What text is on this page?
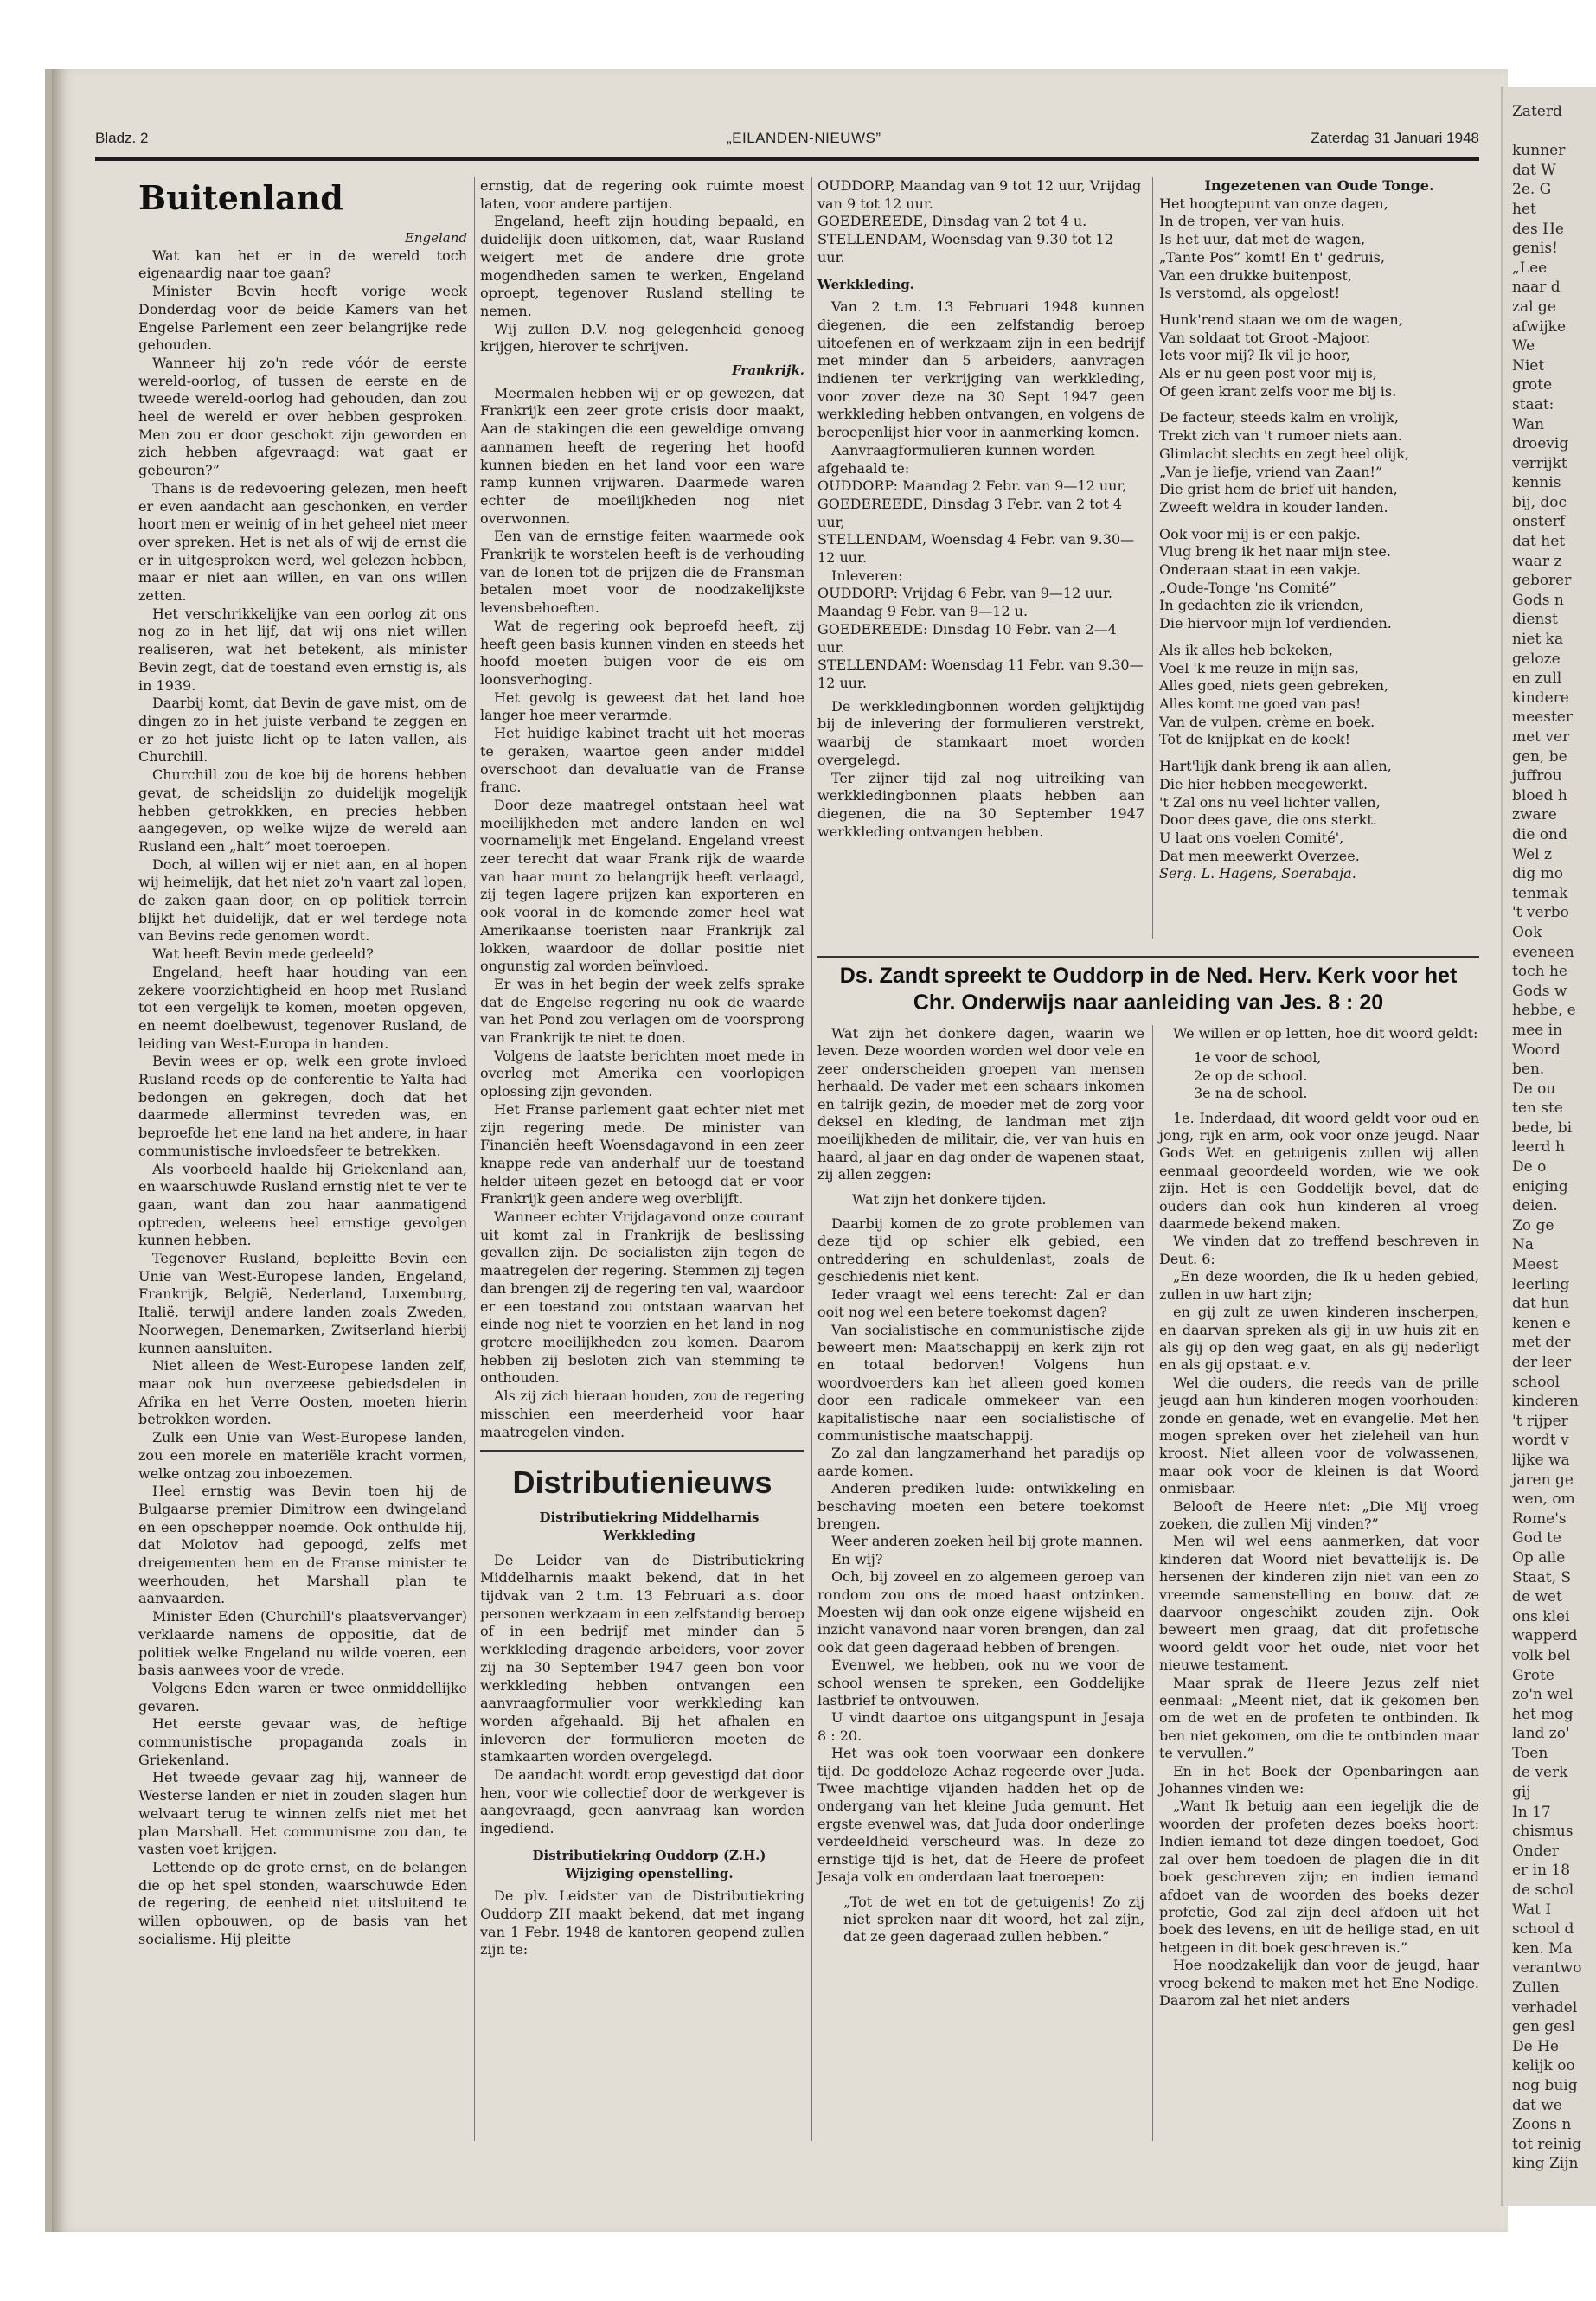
Zaterd

kunner
dat W
2e. G
het
des He
genis!
„Lee
naar d
zal ge
afwijke
We
Niet
grote
staat:
Wan
droevig
verrijkt
kennis
bij, doc
onsterf
dat het
waar z
geborer
Gods n
dienst
niet ka
geloze
en zull
kindere
meester
met ver
gen, be
juffrou
bloed h
zware
die ond
Wel z
dig mo
tenmak
't verbo
Ook
eveneen
toch he
Gods w
hebbe, e
mee in
Woord
ben.
De ou
ten ste
bede, bi
leerd h
De o
eniging
deien.
Zo ge
Na
Meest
leerling
dat hun
kenen e
met der
der leer
school
kinderen
't rijper
wordt v
lijke wa
jaren ge
wen, om
Rome's
God te
Op alle
Staat, S
de wet
ons klei
wapperd
volk bel
Grote
zo'n wel
het mog
land zo'
Toen
de verk
gij
In 17
chismus
Onder
er in 18
de schol
Wat I
school d
ken. Ma
verantwo
Zullen
verhadel
gen gesl
De He
kelijk oo
nog buig
dat we
Zoons n
tot reinig
king Zijn
Bladz. 2	„EILANDEN-NIEUWS”	Zaterdag 31 Januari 1948
Buitenland

Engeland

Wat kan het er in de wereld toch eigenaardig naar toe gaan?

Minister Bevin heeft vorige week Donderdag voor de beide Kamers van het Engelse Parlement een zeer belangrijke rede gehouden.

Wanneer hij zo'n rede vóór de eerste wereld-oorlog, of tussen de eerste en de tweede wereld-oorlog had gehouden, dan zou heel de wereld er over hebben gesproken. Men zou er door geschokt zijn geworden en zich hebben afgevraagd: wat gaat er gebeuren?”

Thans is de redevoering gelezen, men heeft er even aandacht aan geschonken, en verder hoort men er weinig of in het geheel niet meer over spreken. Het is net als of wij de ernst die er in uitgesproken werd, wel gelezen hebben, maar er niet aan willen, en van ons willen zetten.

Het verschrikkelijke van een oorlog zit ons nog zo in het lijf, dat wij ons niet willen realiseren, wat het betekent, als minister Bevin zegt, dat de toestand even ernstig is, als in 1939.

Daarbij komt, dat Bevin de gave mist, om de dingen zo in het juiste verband te zeggen en er zo het juiste licht op te laten vallen, als Churchill.

Churchill zou de koe bij de horens hebben gevat, de scheidslijn zo duidelijk mogelijk hebben getrokkken, en precies hebben aangegeven, op welke wijze de wereld aan Rusland een „halt” moet toeroepen.

Doch, al willen wij er niet aan, en al hopen wij heimelijk, dat het niet zo'n vaart zal lopen, de zaken gaan door, en op politiek terrein blijkt het duidelijk, dat er wel terdege nota van Bevins rede genomen wordt.

Wat heeft Bevin mede gedeeld?

Engeland, heeft haar houding van een zekere voorzichtigheid en hoop met Rusland tot een vergelijk te komen, moeten opgeven, en neemt doelbewust, tegenover Rusland, de leiding van West-Europa in handen.

Bevin wees er op, welk een grote invloed Rusland reeds op de conferentie te Yalta had bedongen en gekregen, doch dat het daarmede allerminst tevreden was, en beproefde het ene land na het andere, in haar communistische invloedsfeer te betrekken.

Als voorbeeld haalde hij Griekenland aan, en waarschuwde Rusland ernstig niet te ver te gaan, want dan zou haar aanmatigend optreden, weleens heel ernstige gevolgen kunnen hebben.

Tegenover Rusland, bepleitte Bevin een Unie van West-Europese landen, Engeland, Frankrijk, België, Nederland, Luxemburg, Italië, terwijl andere landen zoals Zweden, Noorwegen, Denemarken, Zwitserland hierbij kunnen aansluiten.

Niet alleen de West-Europese landen zelf, maar ook hun overzeese gebiedsdelen in Afrika en het Verre Oosten, moeten hierin betrokken worden.

Zulk een Unie van West-Europese landen, zou een morele en materiële kracht vormen, welke ontzag zou inboezemen.

Heel ernstig was Bevin toen hij de Bulgaarse premier Dimitrow een dwingeland en een opschepper noemde. Ook onthulde hij, dat Molotov had gepoogd, zelfs met dreigementen hem en de Franse minister te weerhouden, het Marshall plan te aanvaarden.

Minister Eden (Churchill's plaatsvervanger) verklaarde namens de oppositie, dat de politiek welke Engeland nu wilde voeren, een basis aanwees voor de vrede.

Volgens Eden waren er twee onmiddellijke gevaren.

Het eerste gevaar was, de heftige communistische propaganda zoals in Griekenland.

Het tweede gevaar zag hij, wanneer de Westerse landen er niet in zouden slagen hun welvaart terug te winnen zelfs niet met het plan Marshall. Het communisme zou dan, te vasten voet krijgen.

Lettende op de grote ernst, en de belangen die op het spel stonden, waarschuwde Eden de regering, de eenheid niet uitsluitend te willen opbouwen, op de basis van het socialisme. Hij pleitte

ernstig, dat de regering ook ruimte moest laten, voor andere partijen.

Engeland, heeft zijn houding bepaald, en duidelijk doen uitkomen, dat, waar Rusland weigert met de andere drie grote mogendheden samen te werken, Engeland oproept, tegenover Rusland stelling te nemen.

Wij zullen D.V. nog gelegenheid genoeg krijgen, hierover te schrijven.

Frankrijk.

Meermalen hebben wij er op gewezen, dat Frankrijk een zeer grote crisis door maakt, Aan de stakingen die een geweldige omvang aannamen heeft de regering het hoofd kunnen bieden en het land voor een ware ramp kunnen vrijwaren. Daarmede waren echter de moeilijkheden nog niet overwonnen.

Een van de ernstige feiten waarmede ook Frankrijk te worstelen heeft is de verhouding van de lonen tot de prijzen die de Fransman betalen moet voor de noodzakelijkste levensbehoeften.

Wat de regering ook beproefd heeft, zij heeft geen basis kunnen vinden en steeds het hoofd moeten buigen voor de eis om loonsverhoging.

Het gevolg is geweest dat het land hoe langer hoe meer verarmde.

Het huidige kabinet tracht uit het moeras te geraken, waartoe geen ander middel overschoot dan devaluatie van de Franse franc.

Door deze maatregel ontstaan heel wat moeilijkheden met andere landen en wel voornamelijk met Engeland. Engeland vreest zeer terecht dat waar Frank rijk de waarde van haar munt zo belangrijk heeft verlaagd, zij tegen lagere prijzen kan exporteren en ook vooral in de komende zomer heel wat Amerikaanse toeristen naar Frankrijk zal lokken, waardoor de dollar positie niet ongunstig zal worden beïnvloed.

Er was in het begin der week zelfs sprake dat de Engelse regering nu ook de waarde van het Pond zou verlagen om de voorsprong van Frankrijk te niet te doen.

Volgens de laatste berichten moet mede in overleg met Amerika een voorlopigen oplossing zijn gevonden.

Het Franse parlement gaat echter niet met zijn regering mede. De minister van Financiën heeft Woensdagavond in een zeer knappe rede van anderhalf uur de toestand helder uiteen gezet en betoogd dat er voor Frankrijk geen andere weg overblijft.

Wanneer echter Vrijdagavond onze courant uit komt zal in Frankrijk de beslissing gevallen zijn. De socialisten zijn tegen de maatregelen der regering. Stemmen zij tegen dan brengen zij de regering ten val, waardoor er een toestand zou ontstaan waarvan het einde nog niet te voorzien en het land in nog grotere moeilijkheden zou komen. Daarom hebben zij besloten zich van stemming te onthouden.

Als zij zich hieraan houden, zou de regering misschien een meerderheid voor haar maatregelen vinden.

Distributienieuws

Distributiekring Middelharnis

Werkkleding

De Leider van de Distributiekring Middelharnis maakt bekend, dat in het tijdvak van 2 t.m. 13 Februari a.s. door personen werkzaam in een zelfstandig beroep of in een bedrijf met minder dan 5 werkkleding dragende arbeiders, voor zover zij na 30 September 1947 geen bon voor werkkleding hebben ontvangen een aanvraagformulier voor werkkleding kan worden afgehaald. Bij het afhalen en inleveren der formulieren moeten de stamkaarten worden overgelegd.

De aandacht wordt erop gevestigd dat door hen, voor wie collectief door de werkgever is aangevraagd, geen aanvraag kan worden ingediend.

Distributiekring Ouddorp (Z.H.)

Wijziging openstelling.

De plv. Leidster van de Distributiekring Ouddorp ZH maakt bekend, dat met ingang van 1 Febr. 1948 de kantoren geopend zullen zijn te:

OUDDORP, Maandag van 9 tot 12 uur, Vrijdag van 9 tot 12 uur.

GOEDEREEDE, Dinsdag van 2 tot 4 u.

STELLENDAM, Woensdag van 9.30 tot 12 uur.

Werkkleding.

Van 2 t.m. 13 Februari 1948 kunnen diegenen, die een zelfstandig beroep uitoefenen en of werkzaam zijn in een bedrijf met minder dan 5 arbeiders, aanvragen indienen ter verkrijging van werkkleding, voor zover deze na 30 Sept 1947 geen werkkleding hebben ontvangen, en volgens de beroepenlijst hier voor in aanmerking komen.

Aanvraagformulieren kunnen worden afgehaald te:

OUDDORP: Maandag 2 Febr. van 9—12 uur,

GOEDEREEDE, Dinsdag 3 Febr. van 2 tot 4 uur,

STELLENDAM, Woensdag 4 Febr. van 9.30—12 uur.

Inleveren:

OUDDORP: Vrijdag 6 Febr. van 9—12 uur. Maandag 9 Febr. van 9—12 u.

GOEDEREEDE: Dinsdag 10 Febr. van 2—4 uur.

STELLENDAM: Woensdag 11 Febr. van 9.30—12 uur.

De werkkledingbonnen worden gelijktijdig bij de inlevering der formulieren verstrekt, waarbij de stamkaart moet worden overgelegd.

Ter zijner tijd zal nog uitreiking van werkkledingbonnen plaats hebben aan diegenen, die na 30 September 1947 werkkleding ontvangen hebben.

Ingezetenen van Oude Tonge.

Het hoogtepunt van onze dagen,

In de tropen, ver van huis.

Is het uur, dat met de wagen,

„Tante Pos” komt! En t' gedruis,

Van een drukke buitenpost,

Is verstomd, als opgelost!

Hunk'rend staan we om de wagen,

Van soldaat tot Groot -Majoor.

Iets voor mij? Ik vil je hoor,

Als er nu geen post voor mij is,

Of geen krant zelfs voor me bij is.

De facteur, steeds kalm en vrolijk,

Trekt zich van 't rumoer niets aan.

Glimlacht slechts en zegt heel olijk,

„Van je liefje, vriend van Zaan!”

Die grist hem de brief uit handen,

Zweeft weldra in kouder landen.

Ook voor mij is er een pakje.

Vlug breng ik het naar mijn stee.

Onderaan staat in een vakje.

„Oude-Tonge 'ns Comité”

In gedachten zie ik vrienden,

Die hiervoor mijn lof verdienden.

Als ik alles heb bekeken,

Voel 'k me reuze in mijn sas,

Alles goed, niets geen gebreken,

Alles komt me goed van pas!

Van de vulpen, crème en boek.

Tot de knijpkat en de koek!

Hart'lijk dank breng ik aan allen,

Die hier hebben meegewerkt.

't Zal ons nu veel lichter vallen,

Door dees gave, die ons sterkt.

U laat ons voelen Comité',

Dat men meewerkt Overzee.

Serg. L. Hagens, Soerabaja.

Ds. Zandt spreekt te Ouddorp in de Ned. Herv. Kerk voor het Chr. Onderwijs naar aanleiding van Jes. 8 : 20

Wat zijn het donkere dagen, waarin we leven. Deze woorden worden wel door vele en zeer onderscheiden groepen van mensen herhaald. De vader met een schaars inkomen en talrijk gezin, de moeder met de zorg voor deksel en kleding, de landman met zijn moeilijkheden de militair, die, ver van huis en haard, al jaar en dag onder de wapenen staat, zij allen zeggen:

Wat zijn het donkere tijden.

Daarbij komen de zo grote problemen van deze tijd op schier elk gebied, een ontreddering en schuldenlast, zoals de geschiedenis niet kent.

Ieder vraagt wel eens terecht: Zal er dan ooit nog wel een betere toekomst dagen?

Van socialistische en communistische zijde beweert men: Maatschappij en kerk zijn rot en totaal bedorven! Volgens hun woordvoerders kan het alleen goed komen door een radicale ommekeer van een kapitalistische naar een socialistische of communistische maatschappij.

Zo zal dan langzamerhand het paradijs op aarde komen.

Anderen prediken luide: ontwikkeling en beschaving moeten een betere toekomst brengen.

Weer anderen zoeken heil bij grote mannen.

En wij?

Och, bij zoveel en zo algemeen geroep van rondom zou ons de moed haast ontzinken. Moesten wij dan ook onze eigene wijsheid en inzicht vanavond naar voren brengen, dan zal ook dat geen dageraad hebben of brengen.

Evenwel, we hebben, ook nu we voor de school wensen te spreken, een Goddelijke lastbrief te ontvouwen.

U vindt daartoe ons uitgangspunt in Jesaja 8 : 20.

Het was ook toen voorwaar een donkere tijd. De goddeloze Achaz regeerde over Juda. Twee machtige vijanden hadden het op de ondergang van het kleine Juda gemunt. Het ergste evenwel was, dat Juda door onderlinge verdeeldheid verscheurd was. In deze zo ernstige tijd is het, dat de Heere de profeet Jesaja volk en onderdaan laat toeroepen:

„Tot de wet en tot de getuigenis! Zo zij niet spreken naar dit woord, het zal zijn, dat ze geen dageraad zullen hebben.”

We willen er op letten, hoe dit woord geldt:

1e voor de school,

2e op de school.

3e na de school.

1e. Inderdaad, dit woord geldt voor oud en jong, rijk en arm, ook voor onze jeugd. Naar Gods Wet en getuigenis zullen wij allen eenmaal geoordeeld worden, wie we ook zijn. Het is een Goddelijk bevel, dat de ouders dan ook hun kinderen al vroeg daarmede bekend maken.

We vinden dat zo treffend beschreven in Deut. 6:

„En deze woorden, die Ik u heden gebied, zullen in uw hart zijn;

en gij zult ze uwen kinderen inscherpen, en daarvan spreken als gij in uw huis zit en als gij op den weg gaat, en als gij nederligt en als gij opstaat. e.v.

Wel die ouders, die reeds van de prille jeugd aan hun kinderen mogen voorhouden: zonde en genade, wet en evangelie. Met hen mogen spreken over het zieleheil van hun kroost. Niet alleen voor de volwassenen, maar ook voor de kleinen is dat Woord onmisbaar.

Belooft de Heere niet: „Die Mij vroeg zoeken, die zullen Mij vinden?”

Men wil wel eens aanmerken, dat voor kinderen dat Woord niet bevattelijk is. De hersenen der kinderen zijn niet van een zo vreemde samenstelling en bouw. dat ze daarvoor ongeschikt zouden zijn. Ook beweert men graag, dat dit profetische woord geldt voor het oude, niet voor het nieuwe testament.

Maar sprak de Heere Jezus zelf niet eenmaal: „Meent niet, dat ik gekomen ben om de wet en de profeten te ontbinden. Ik ben niet gekomen, om die te ontbinden maar te vervullen.”

En in het Boek der Openbaringen aan Johannes vinden we:

„Want Ik betuig aan een iegelijk die de woorden der profeten dezes boeks hoort: Indien iemand tot deze dingen toedoet, God zal over hem toedoen de plagen die in dit boek geschreven zijn; en indien iemand afdoet van de woorden des boeks dezer profetie, God zal zijn deel afdoen uit het boek des levens, en uit de heilige stad, en uit hetgeen in dit boek geschreven is.”

Hoe noodzakelijk dan voor de jeugd, haar vroeg bekend te maken met het Ene Nodige. Daarom zal het niet anders
